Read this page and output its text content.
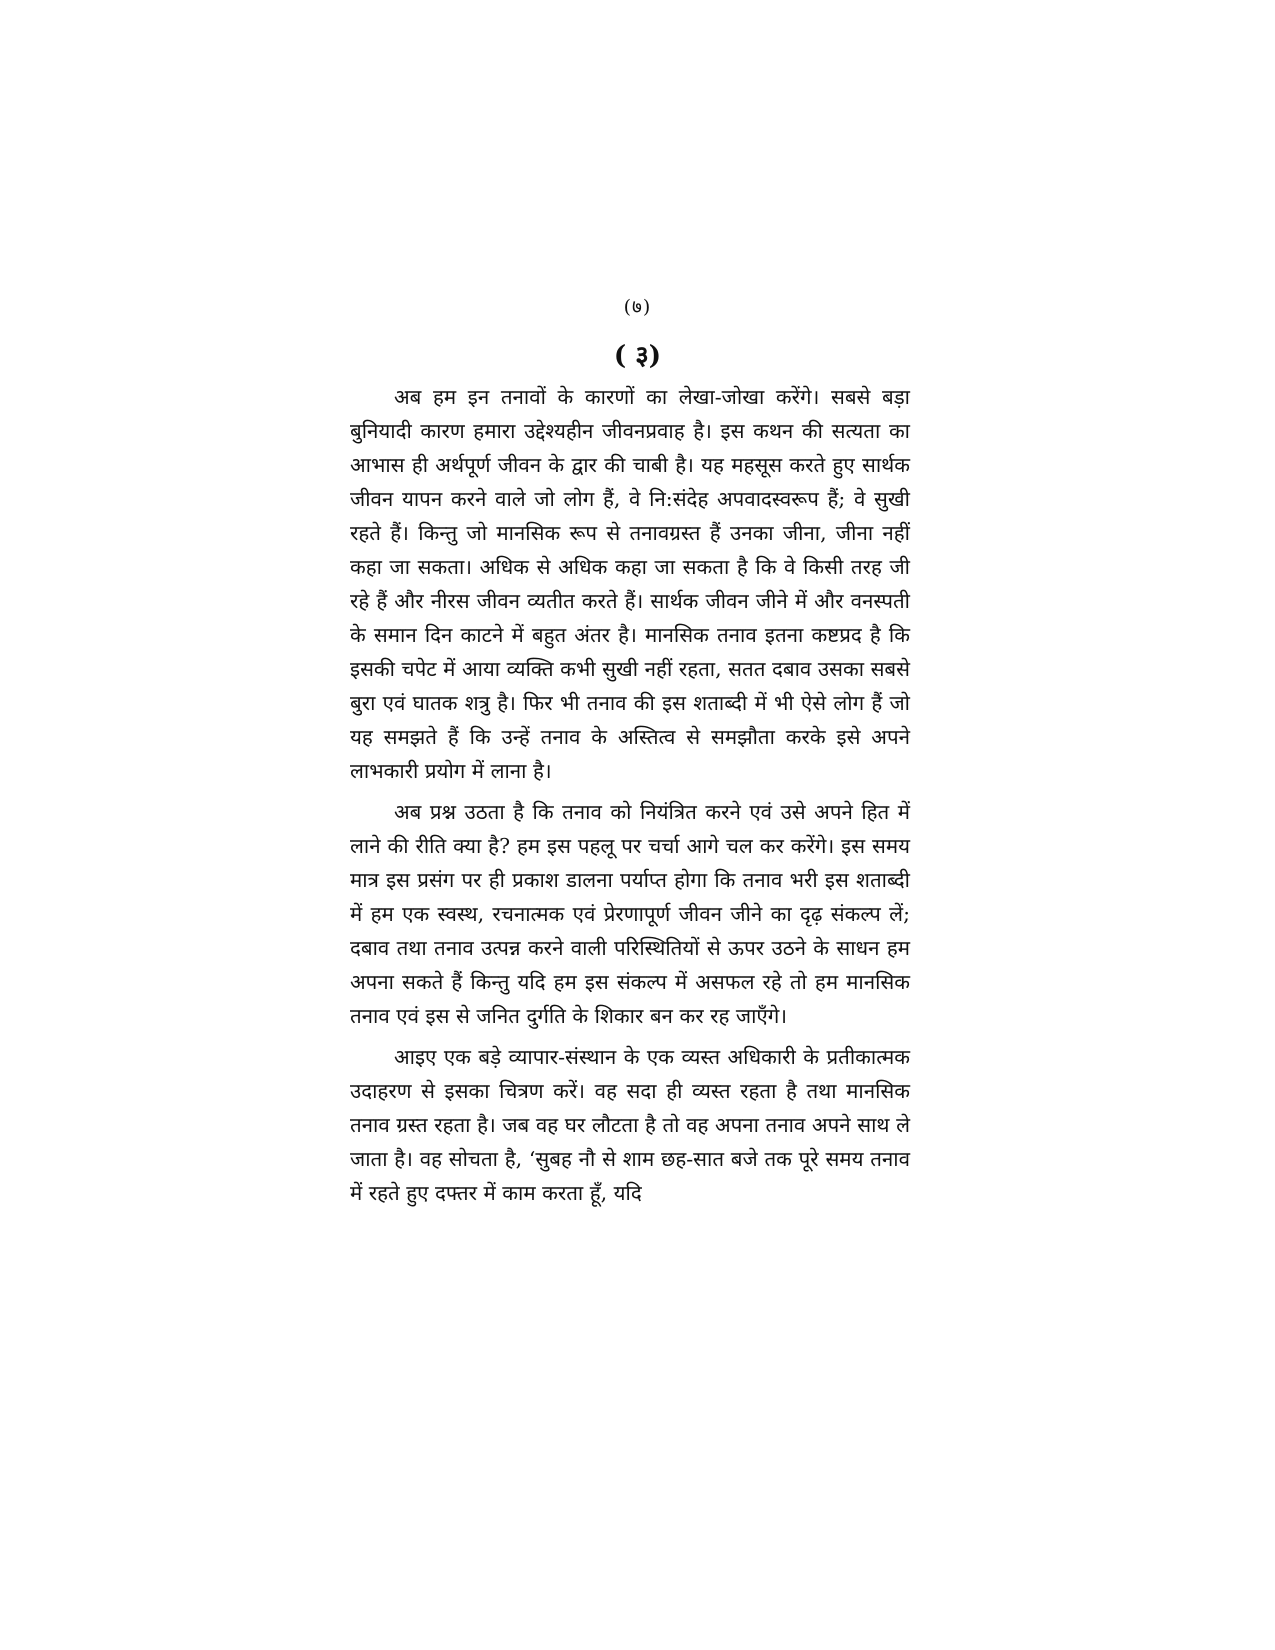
(७)
( ३)

अब हम इन तनावों के कारणों का लेखा-जोखा करेंगे। सबसे बड़ा बुनियादी कारण हमारा उद्देश्यहीन जीवनप्रवाह है। इस कथन की सत्यता का आभास ही अर्थपूर्ण जीवन के द्वार की चाबी है। यह महसूस करते हुए सार्थक जीवन यापन करने वाले जो लोग हैं, वे नि:संदेह अपवादस्वरूप हैं; वे सुखी रहते हैं। किन्तु जो मानसिक रूप से तनावग्रस्त हैं उनका जीना, जीना नहीं कहा जा सकता। अधिक से अधिक कहा जा सकता है कि वे किसी तरह जी रहे हैं और नीरस जीवन व्यतीत करते हैं। सार्थक जीवन जीने में और वनस्पती के समान दिन काटने में बहुत अंतर है। मानसिक तनाव इतना कष्टप्रद है कि इसकी चपेट में आया व्यक्ति कभी सुखी नहीं रहता, सतत दबाव उसका सबसे बुरा एवं घातक शत्रु है। फिर भी तनाव की इस शताब्दी में भी ऐसे लोग हैं जो यह समझते हैं कि उन्हें तनाव के अस्तित्व से समझौता करके इसे अपने लाभकारी प्रयोग में लाना है।

अब प्रश्न उठता है कि तनाव को नियंत्रित करने एवं उसे अपने हित में लाने की रीति क्या है? हम इस पहलू पर चर्चा आगे चल कर करेंगे। इस समय मात्र इस प्रसंग पर ही प्रकाश डालना पर्याप्त होगा कि तनाव भरी इस शताब्दी में हम एक स्वस्थ, रचनात्मक एवं प्रेरणापूर्ण जीवन जीने का दृढ़ संकल्प लें; दबाव तथा तनाव उत्पन्न करने वाली परिस्थितियों से ऊपर उठने के साधन हम अपना सकते हैं किन्तु यदि हम इस संकल्प में असफल रहे तो हम मानसिक तनाव एवं इस से जनित दुर्गति के शिकार बन कर रह जाएँगे।

आइए एक बड़े व्यापार-संस्थान के एक व्यस्त अधिकारी के प्रतीकात्मक उदाहरण से इसका चित्रण करें। वह सदा ही व्यस्त रहता है तथा मानसिक तनाव ग्रस्त रहता है। जब वह घर लौटता है तो वह अपना तनाव अपने साथ ले जाता है। वह सोचता है, ‘सुबह नौ से शाम छह-सात बजे तक पूरे समय तनाव में रहते हुए दफ्तर में काम करता हूँ, यदि
